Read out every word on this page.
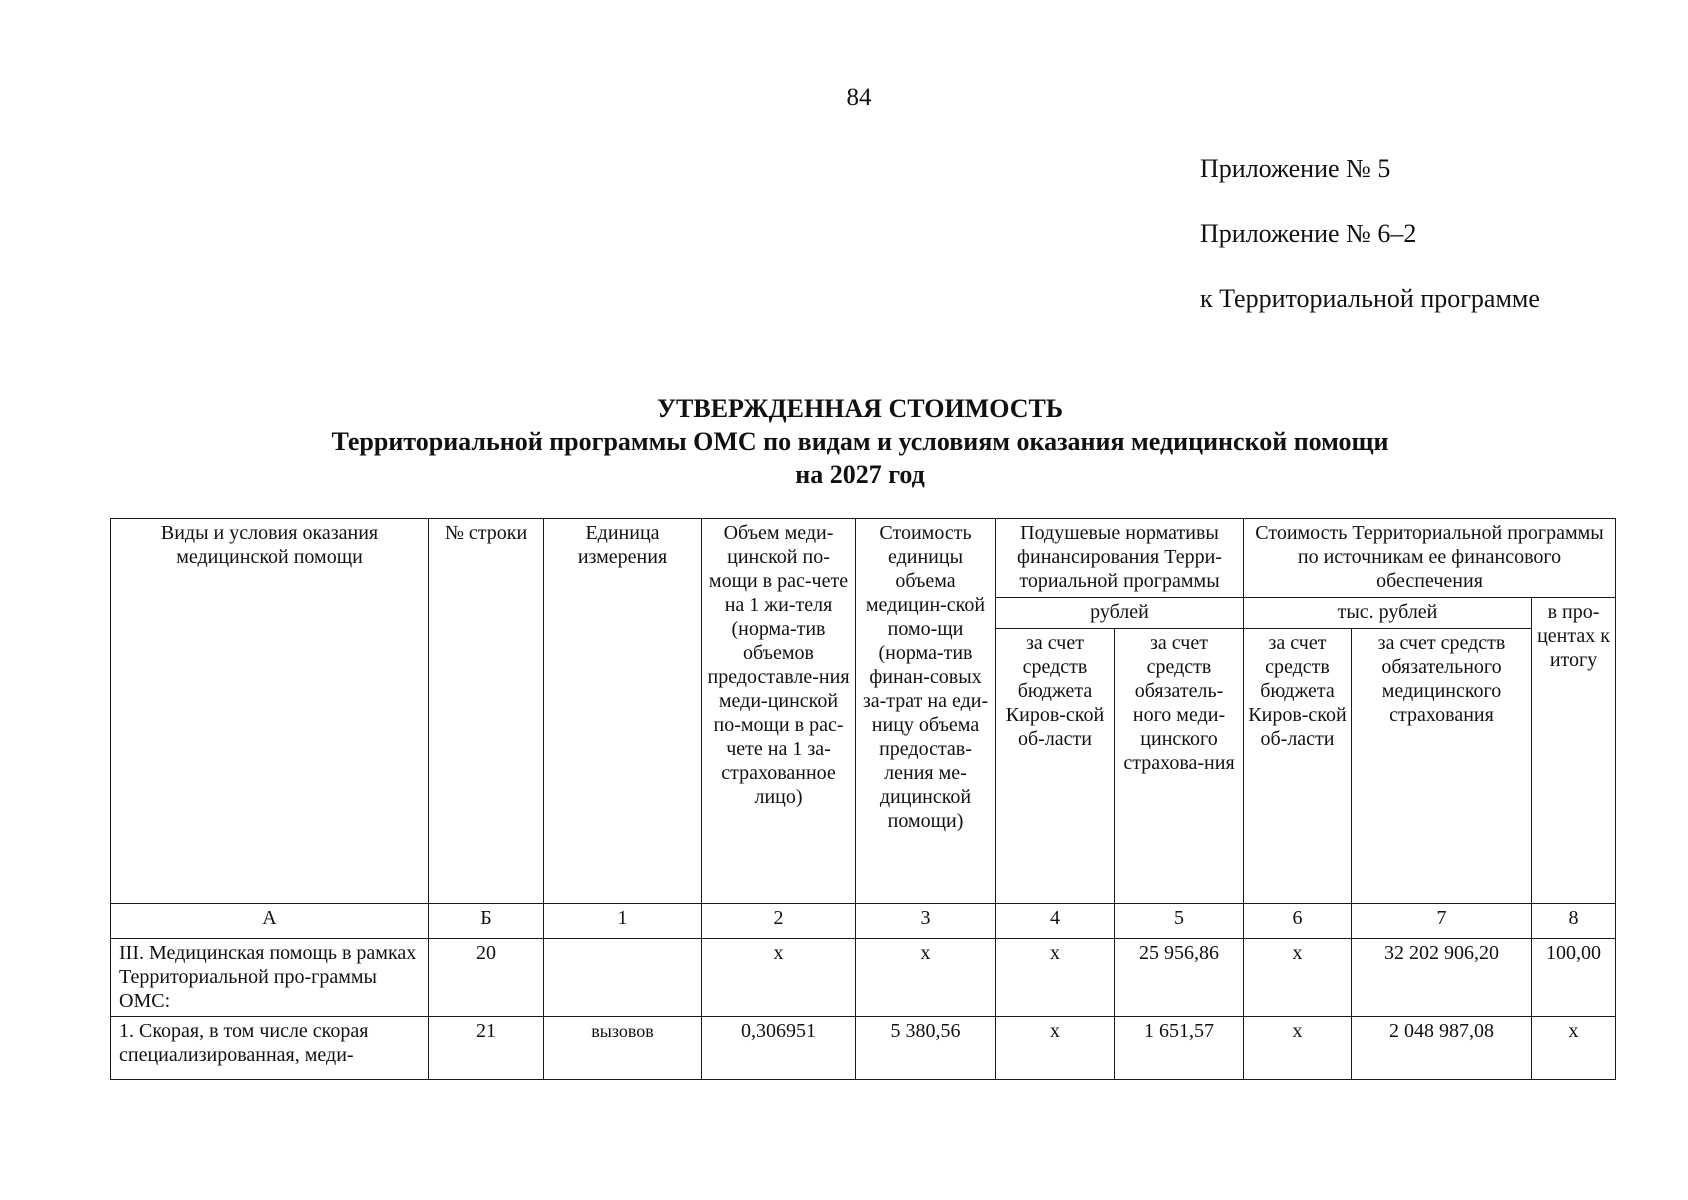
84
Приложение № 5
Приложение № 6–2
к Территориальной программе
УТВЕРЖДЕННАЯ СТОИМОСТЬ
Территориальной программы ОМС по видам и условиям оказания медицинской помощи
на 2027 год
Виды и условия оказания медицинской помощи	№ строки	Единица измерения	Объем меди-цинской по-мощи в рас-чете на 1 жи-теля (норма-тив объемов предоставле-ния меди-цинской по-мощи в рас-чете на 1 за-страхованное лицо)	Стоимость единицы объема медицин-ской помо-щи (норма-тив финан-совых за-трат на еди-ницу объема предостав-ления ме-дицинской помощи)	Подушевые нормативы финансирования Терри-ториальной программы		Стоимость Территориальной программы по источникам ее финансового обеспечения		
					рублей		тыс. рублей		в про-центах к итогу
					за счет средств бюджета Киров-ской об-ласти	за счет средств обязатель-ного меди-цинского страхова-ния	за счет средств бюджета Киров-ской об-ласти	за счет средств обязательного медицинского страхования	
А	Б	1	2	3	4	5	6	7	8
III. Медицинская помощь в рамках Территориальной про-граммы ОМС:	20		х	х	х	25 956,86	х	32 202 906,20	100,00
1. Скорая, в том числе скорая специализированная, меди-	21	вызовов	0,306951	5 380,56	х	1 651,57	х	2 048 987,08	х
